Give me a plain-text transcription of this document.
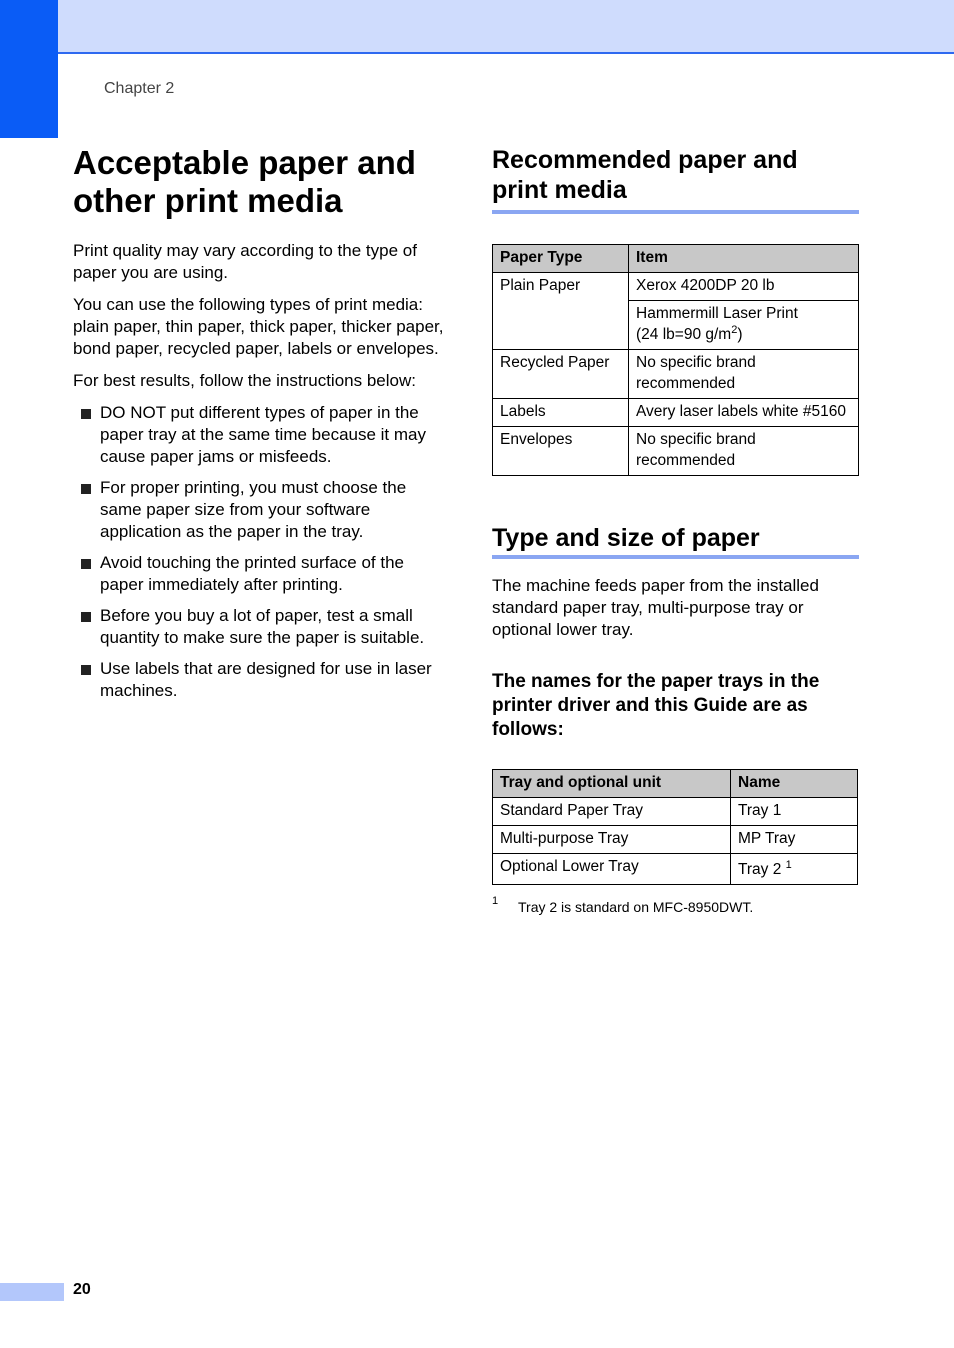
Chapter 2
Acceptable paper and other print media

Print quality may vary according to the type of paper you are using.

You can use the following types of print media: plain paper, thin paper, thick paper, thicker paper, bond paper, recycled paper, labels or envelopes.

For best results, follow the instructions below:

DO NOT put different types of paper in the paper tray at the same time because it may cause paper jams or misfeeds.
For proper printing, you must choose the same paper size from your software application as the paper in the tray.
Avoid touching the printed surface of the paper immediately after printing.
Before you buy a lot of paper, test a small quantity to make sure the paper is suitable.
Use labels that are designed for use in laser machines.
Recommended paper and print media
Paper Type	Item
Plain Paper	Xerox 4200DP 20 lb
	Hammermill Laser Print
(24 lb=90 $g/m^2$)
Recycled Paper	No specific brand recommended
Labels	Avery laser labels white #5160
Envelopes	No specific brand recommended
Type and size of paper

The machine feeds paper from the installed standard paper tray, multi-purpose tray or optional lower tray.

The names for the paper trays in the printer driver and this Guide are as follows:
Tray and optional unit	Name
Standard Paper Tray	Tray 1
Multi-purpose Tray	MP Tray
Optional Lower Tray	Tray 2 $^1$
1 Tray 2 is standard on MFC-8950DWT.
20
